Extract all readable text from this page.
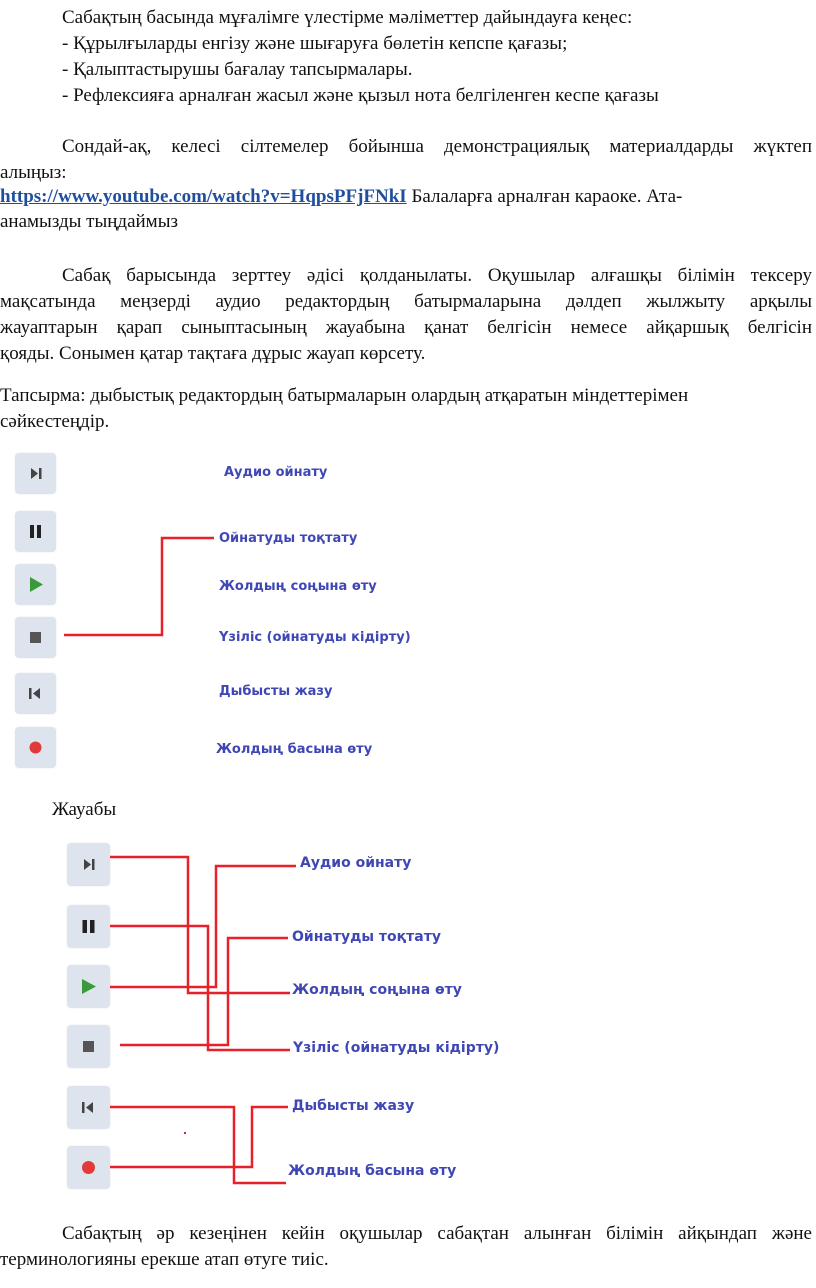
Сабақтың басында мұғалімге үлестірме мәліметтер дайындауға кеңес:
- Құрылғыларды енгізу және шығаруға бөлетін кепспе қағазы;
- Қалыптастырушы бағалау тапсырмалары.
- Рефлексияға арналған жасыл және қызыл нота белгіленген кеспе қағазы
Сондай-ақ, келесі сілтемелер бойынша демонстрациялық материалдарды жүктеп
алыңыз:
https://www.youtube.com/watch?v=HqpsPFjFNkI Балаларға арналған караоке. Ата-
анамызды тыңдаймыз
Сабақ барысында зерттеу әдісі қолданылаты. Оқушылар алғашқы білімін тексеру
мақсатында меңзерді аудио редактордың батырмаларына дәлдеп жылжыту арқылы
жауаптарын қарап сыныптасының жауабына қанат белгісін немесе айқаршық белгісін
қояды. Сонымен қатар тақтаға дұрыс жауап көрсету.
Тапсырма: дыбыстық редактордың батырмаларын олардың атқаратын міндеттерімен
сәйкестеңдір.
Аудио ойнату
Ойнатуды тоқтату
Жолдың соңына өту
Үзіліс (ойнатуды кідірту)
Дыбысты жазу
Жолдың басына өту
Жауабы
Аудио ойнату
Ойнатуды тоқтату
Жолдың соңына өту
Үзіліс (ойнатуды кідірту)
Дыбысты жазу
Жолдың басына өту
Сабақтың әр кезеңінен кейін оқушылар сабақтан алынған білімін айқындап және
терминологияны ерекше атап өтуге тиіс.
